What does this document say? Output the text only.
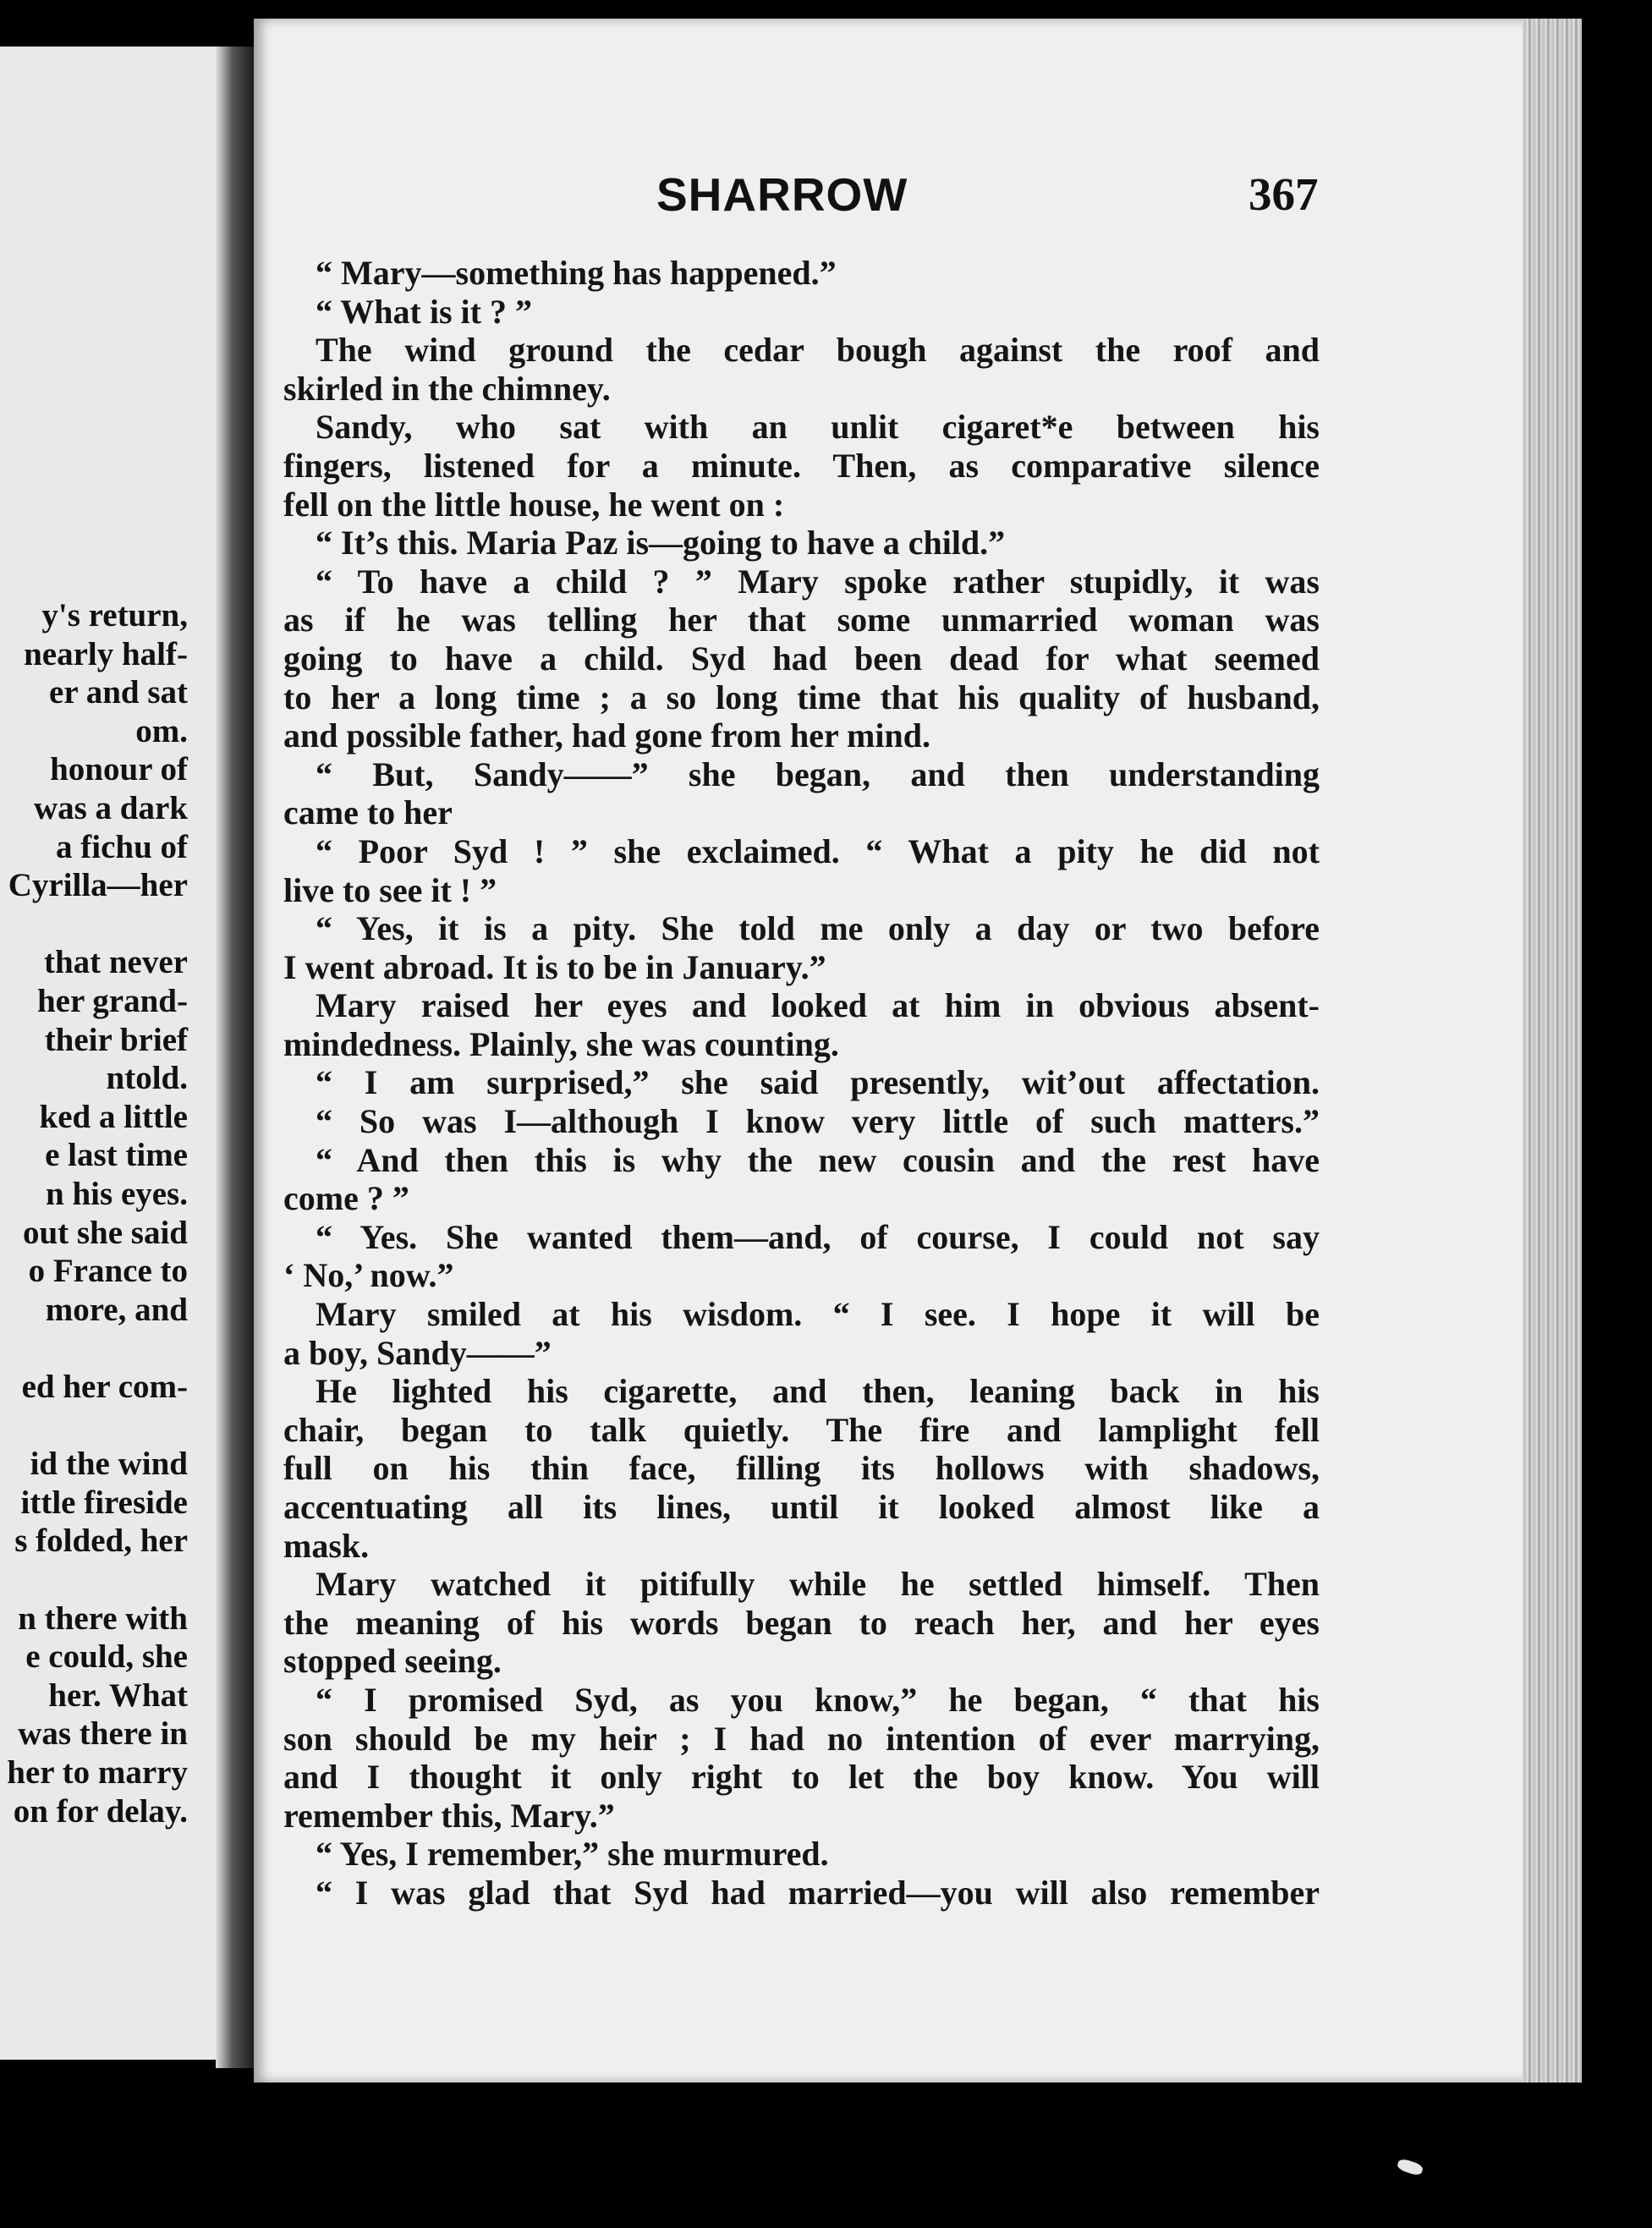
y's return,
nearly half-
er and sat
om.
honour of
was a dark
a fichu of
Cyrilla—her
that never
her grand-
their brief
ntold.
ked a little
e last time
n his eyes.
out she said
o France to
more, and
ed her com-
id the wind
ittle fireside
s folded, her
n there with
e could, she
her. What
was there in
her to marry
on for delay.
SHARROW	367
“ Mary—something has happened.”
“ What is it ? ”
The wind ground the cedar bough against the roof and
skirled in the chimney.
Sandy, who sat with an unlit cigaret*e between his
fingers, listened for a minute. Then, as comparative silence
fell on the little house, he went on :
“ It’s this. Maria Paz is—going to have a child.”
“ To have a child ? ” Mary spoke rather stupidly, it was
as if he was telling her that some unmarried woman was
going to have a child. Syd had been dead for what seemed
to her a long time ; a so long time that his quality of husband,
and possible father, had gone from her mind.
“ But, Sandy——” she began, and then understanding
came to her
“ Poor Syd ! ” she exclaimed. “ What a pity he did not
live to see it ! ”
“ Yes, it is a pity. She told me only a day or two before
I went abroad. It is to be in January.”
Mary raised her eyes and looked at him in obvious absent-
mindedness. Plainly, she was counting.
“ I am surprised,” she said presently, wit’out affectation.
“ So was I—although I know very little of such matters.”
“ And then this is why the new cousin and the rest have
come ? ”
“ Yes. She wanted them—and, of course, I could not say
‘ No,’ now.”
Mary smiled at his wisdom. “ I see. I hope it will be
a boy, Sandy——”
He lighted his cigarette, and then, leaning back in his
chair, began to talk quietly. The fire and lamplight fell
full on his thin face, filling its hollows with shadows,
accentuating all its lines, until it looked almost like a
mask.
Mary watched it pitifully while he settled himself. Then
the meaning of his words began to reach her, and her eyes
stopped seeing.
“ I promised Syd, as you know,” he began, “ that his
son should be my heir ; I had no intention of ever marrying,
and I thought it only right to let the boy know. You will
remember this, Mary.”
“ Yes, I remember,” she murmured.
“ I was glad that Syd had married—you will also remember
